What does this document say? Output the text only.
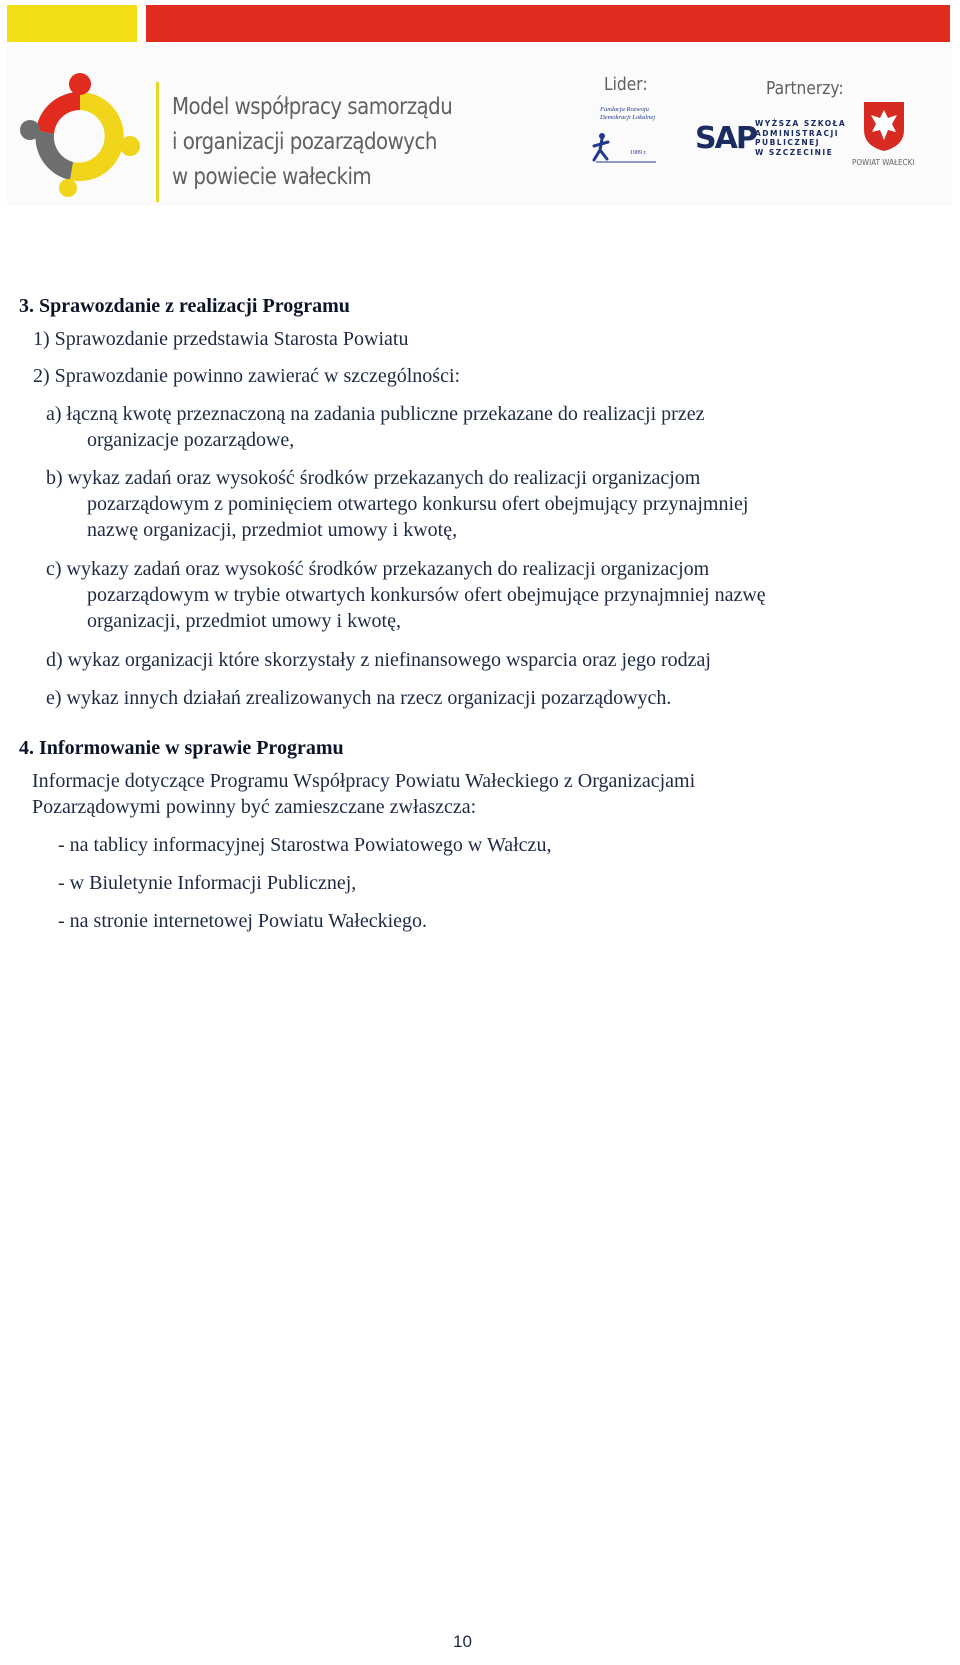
Model współpracy samorządu
i organizacji pozarządowych
w powiecie wałeckim
Lider:	Partnerzy:
Fundacja Rozwoju
Demokracji Lokalnej
1989 r. SAP WYŻSZA SZKOŁA
ADMINISTRACJI
PUBLICZNEJ
W SZCZECINIE
POWIAT WAŁECKI
3. Sprawozdanie z realizacji Programu
1) Sprawozdanie przedstawia Starosta Powiatu
2) Sprawozdanie powinno zawierać w szczególności:
a) łączną kwotę przeznaczoną na zadania publiczne przekazane do realizacji przez
organizacje pozarządowe,
b) wykaz zadań oraz wysokość środków przekazanych do realizacji organizacjom
pozarządowym z pominięciem otwartego konkursu ofert obejmujący przynajmniej
nazwę organizacji, przedmiot umowy i kwotę,
c) wykazy zadań oraz wysokość środków przekazanych do realizacji organizacjom
pozarządowym w trybie otwartych konkursów ofert obejmujące przynajmniej nazwę
organizacji, przedmiot umowy i kwotę,
d) wykaz organizacji które skorzystały z niefinansowego wsparcia oraz jego rodzaj
e) wykaz innych działań zrealizowanych na rzecz organizacji pozarządowych.
4. Informowanie w sprawie Programu
Informacje dotyczące Programu Współpracy Powiatu Wałeckiego z Organizacjami
Pozarządowymi powinny być zamieszczane zwłaszcza:
- na tablicy informacyjnej Starostwa Powiatowego w Wałczu,
- w Biuletynie Informacji Publicznej,
- na stronie internetowej Powiatu Wałeckiego.
10
